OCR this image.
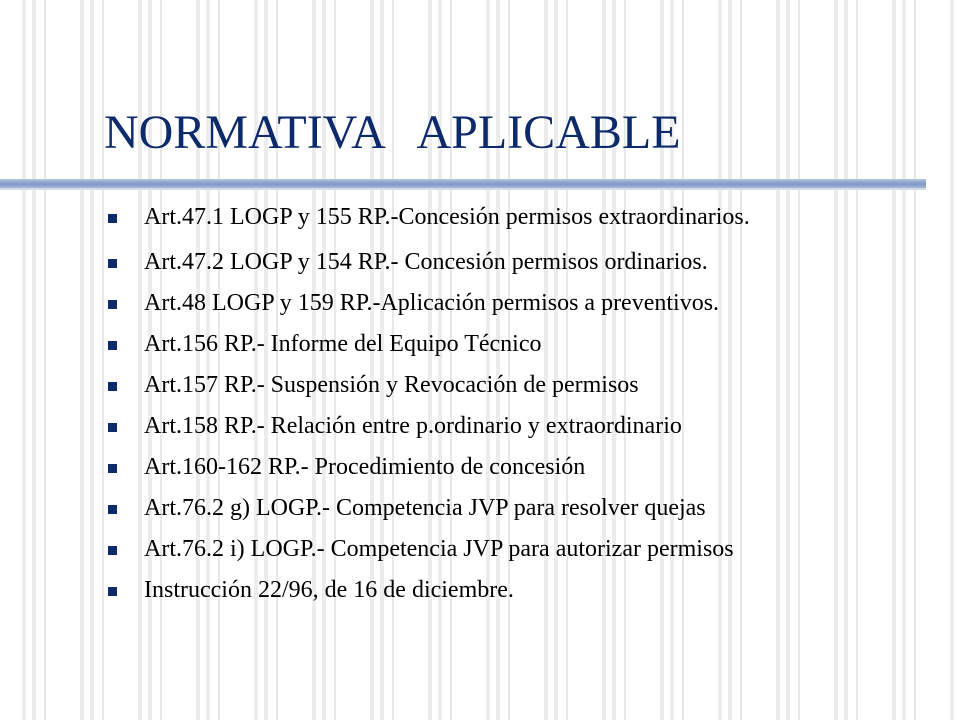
NORMATIVA   APLICABLE
Art.47.1 LOGP y 155 RP.-Concesión permisos extraordinarios.
Art.47.2 LOGP y 154 RP.- Concesión permisos ordinarios.
Art.48 LOGP y 159 RP.-Aplicación permisos a preventivos.
Art.156 RP.- Informe del Equipo Técnico
Art.157 RP.- Suspensión y Revocación de permisos
Art.158 RP.- Relación entre p.ordinario y extraordinario
Art.160-162 RP.- Procedimiento de concesión
Art.76.2 g) LOGP.- Competencia JVP para resolver quejas
Art.76.2 i) LOGP.- Competencia JVP para autorizar permisos
Instrucción 22/96, de 16 de diciembre.
